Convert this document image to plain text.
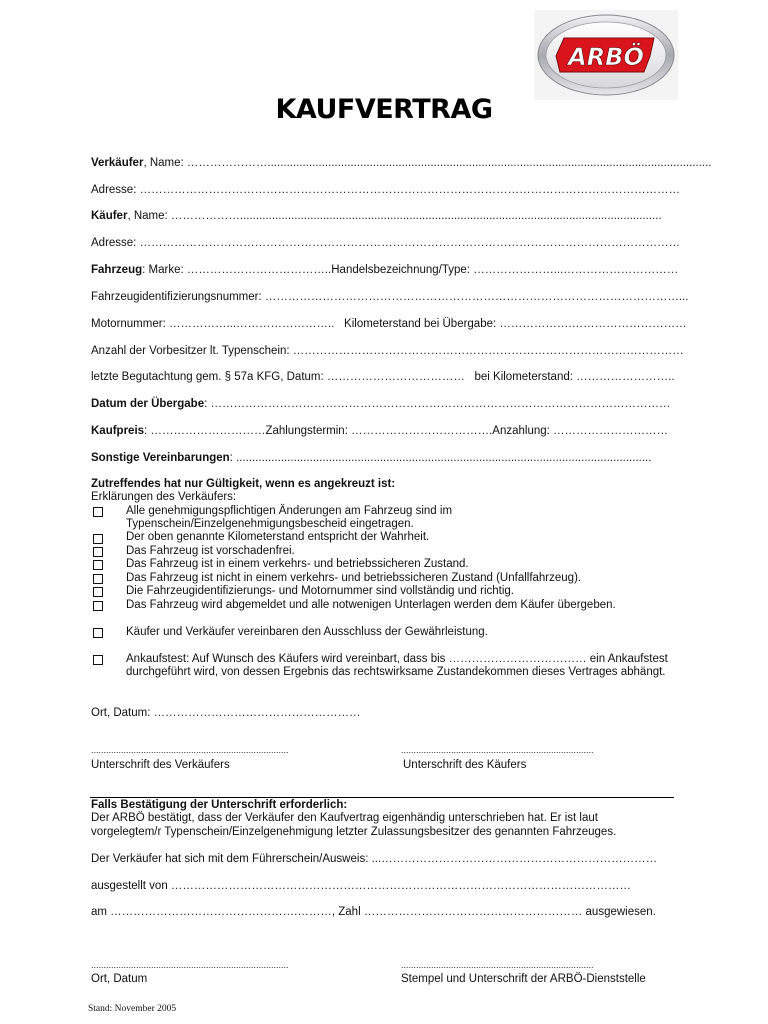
ARBÖ
KAUFVERTRAG
Verkäufer, Name: …………………...........................................................................................................................................
Adresse: ……………………………………………………………………………………………………………………………
Käufer, Name: ………………....................................................................................................................................
Adresse: ……………………………………………………………………………………………………………………………
Fahrzeug: Marke: ………………………………..Handelsbezeichnung/Type: …………………...…………………………
Fahrzeugidentifizierungsnummer: ………………………………………………………………………………………………...
Motornummer: ……………...…………………….. Kilometerstand bei Übergabe: ……………….…………………………
Anzahl der Vorbesitzer lt. Typenschein: …………………………………………………………………………………………
letzte Begutachtung gem. § 57a KFG, Datum: ……………………………… bei Kilometerstand: ……………………..
Datum der Übergabe: …………………………………………………………………………………………………………
Kaufpreis: …………………………Zahlungstermin: ……………………………….Anzahlung: …………………………
Sonstige Vereinbarungen: ..................................................................................................................................
Zutreffendes hat nur Gültigkeit, wenn es angekreuzt ist:
Erklärungen des Verkäufers:
Alle genehmigungspflichtigen Änderungen am Fahrzeug sind im
Typenschein/Einzelgenehmigungsbescheid eingetragen.
Der oben genannte Kilometerstand entspricht der Wahrheit.
Das Fahrzeug ist vorschadenfrei.
Das Fahrzeug ist in einem verkehrs- und betriebssicheren Zustand.
Das Fahrzeug ist nicht in einem verkehrs- und betriebssicheren Zustand (Unfallfahrzeug).
Die Fahrzeugidentifizierungs- und Motornummer sind vollständig und richtig.
Das Fahrzeug wird abgemeldet und alle notwenigen Unterlagen werden dem Käufer übergeben.
Käufer und Verkäufer vereinbaren den Ausschluss der Gewährleistung.
Ankaufstest: Auf Wunsch des Käufers wird vereinbart, dass bis ……………………………… ein Ankaufstest
durchgeführt wird, von dessen Ergebnis das rechtswirksame Zustandekommen dieses Vertrages abhängt.
Ort, Datum: ………………………………………………
...............................................................................	.............................................................................
Unterschrift des Verkäufers	Unterschrift des Käufers
Falls Bestätigung der Unterschrift erforderlich:
Der ARBÖ bestätigt, dass der Verkäufer den Kaufvertrag eigenhändig unterschrieben hat. Er ist laut
vorgelegtem/r Typenschein/Einzelgenehmigung letzter Zulassungsbesitzer des genannten Fahrzeuges.
Der Verkäufer hat sich mit dem Führerschein/Ausweis: ...………………………………………………………………
ausgestellt von …………………………………………………………………………………………………………
am ………………………………………….………, Zahl ………………………………………………… ausgewiesen.
...............................................................................	.............................................................................
Ort, Datum	Stempel und Unterschrift der ARBÖ-Dienststelle
Stand: November 2005
